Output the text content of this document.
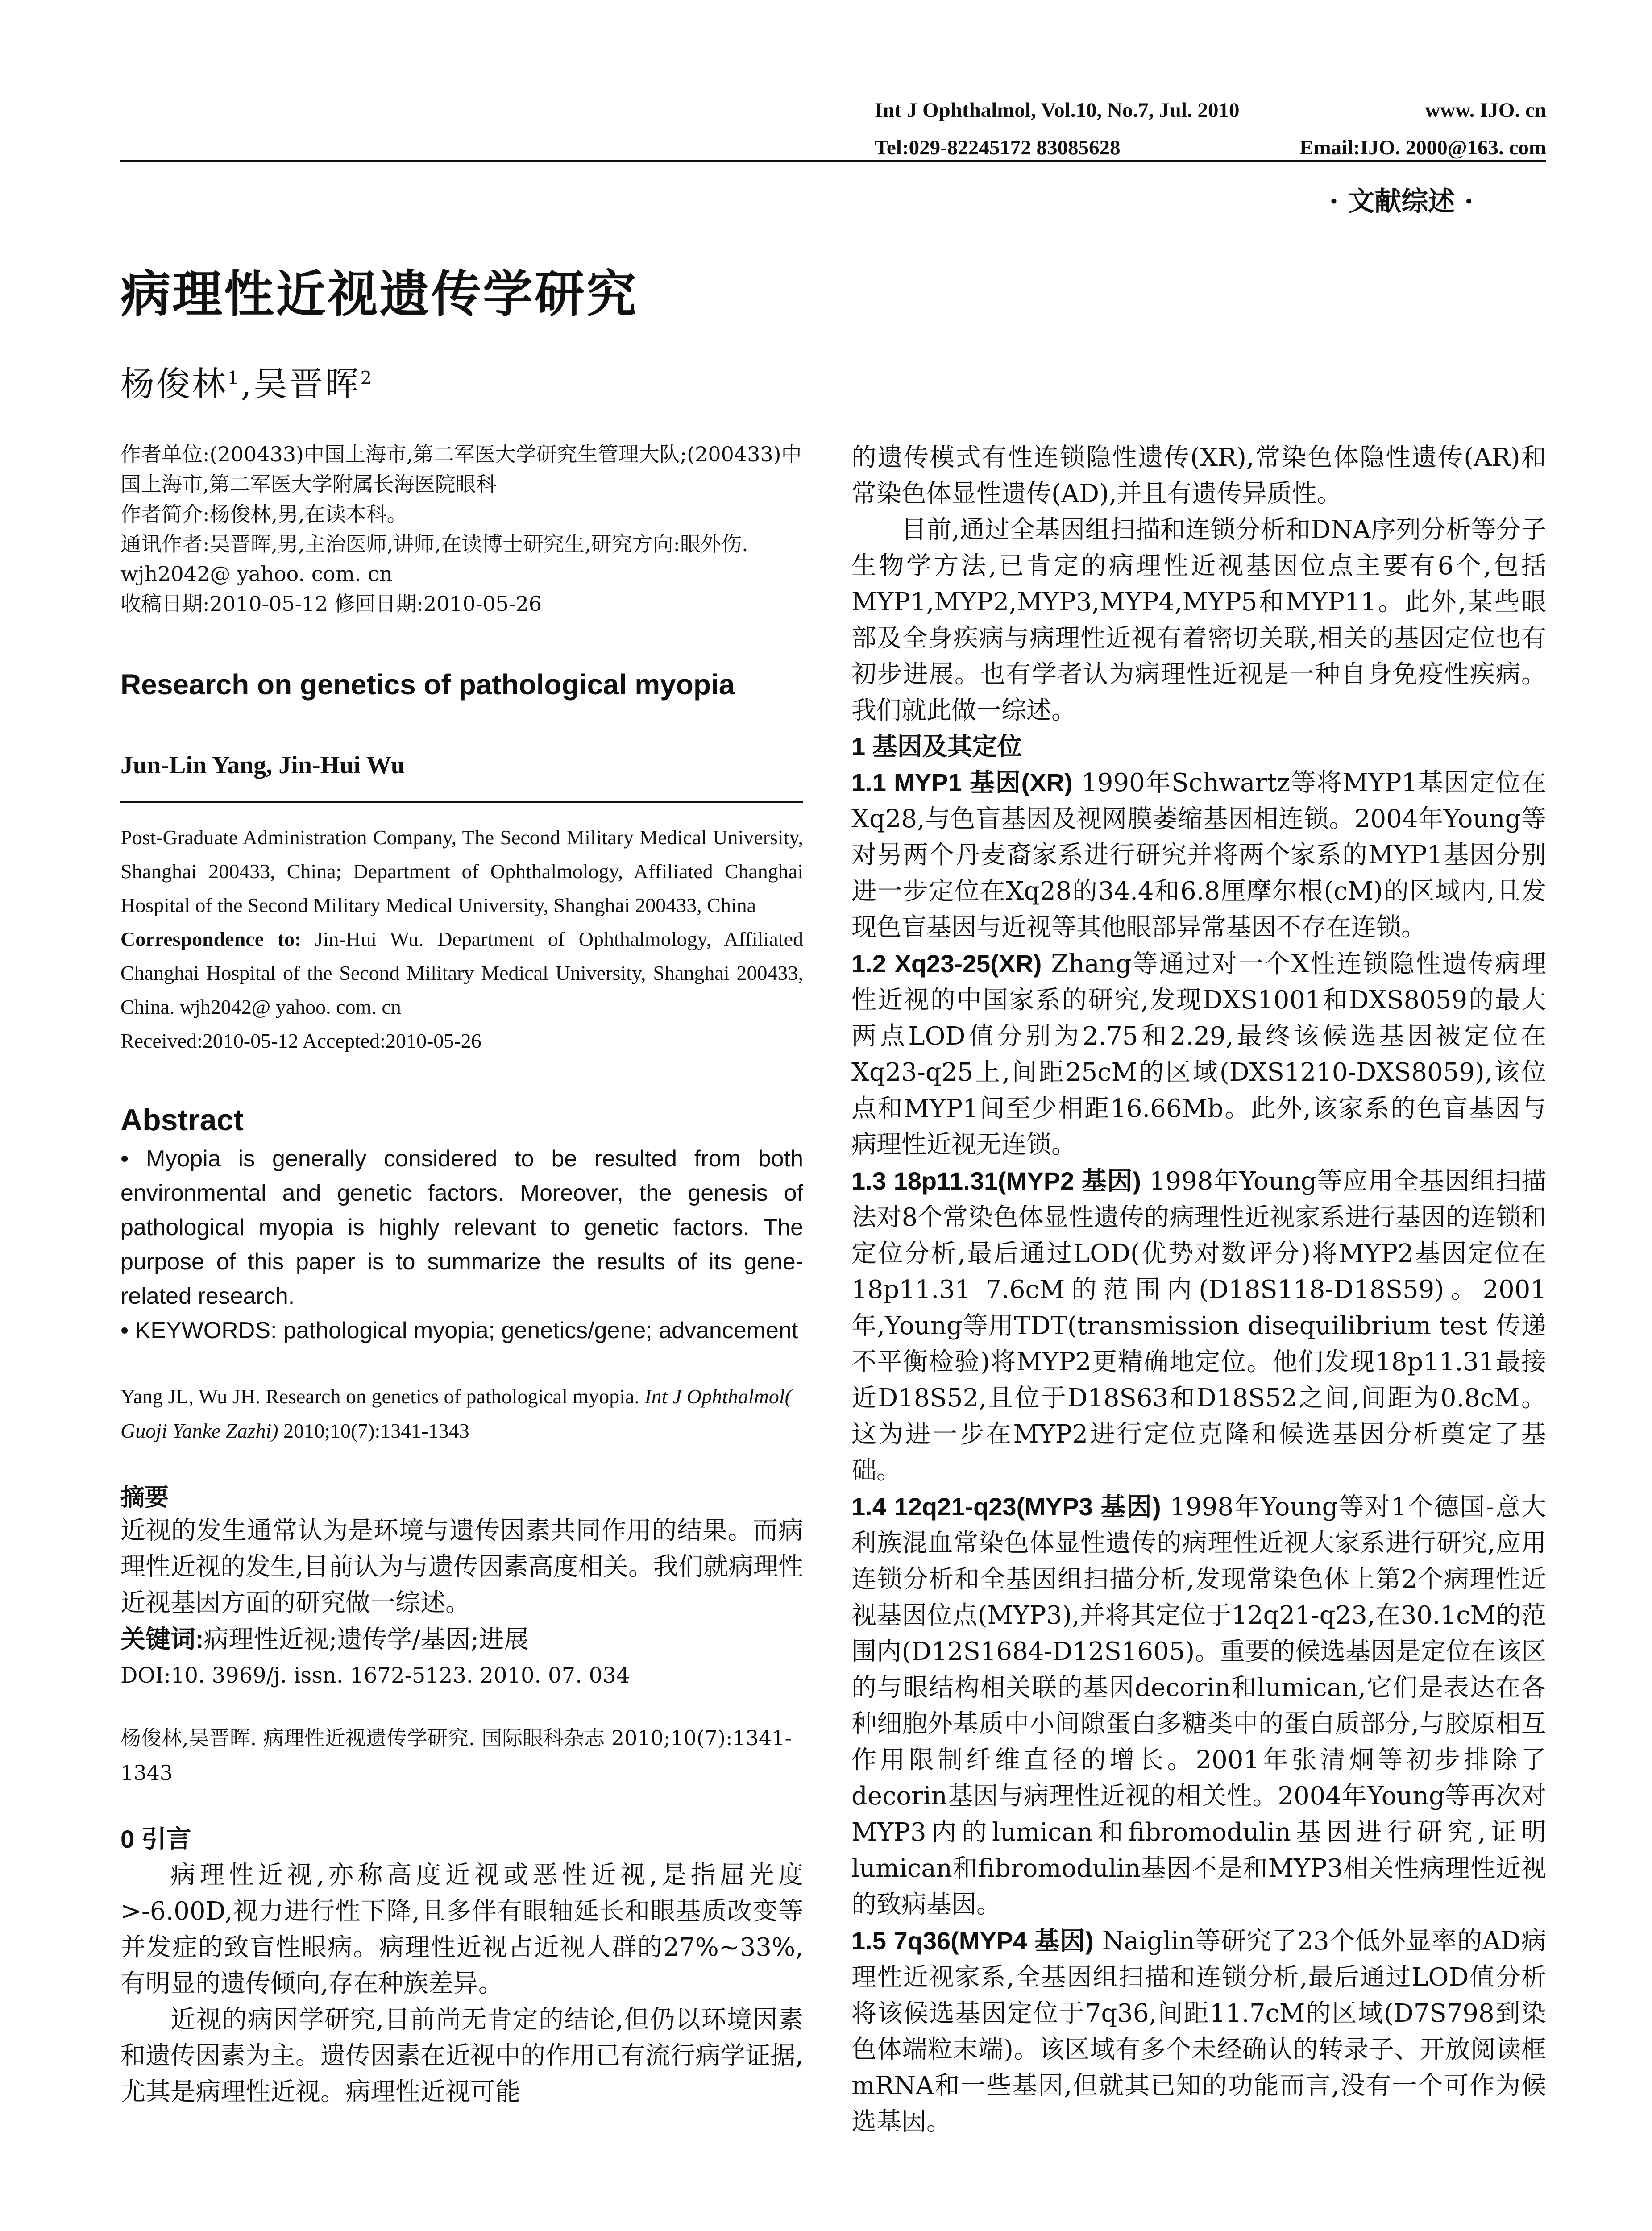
Int J Ophthalmol, Vol.10, No.7, Jul. 2010	www. IJO. cn
Tel:029-82245172 83085628	Email:IJO. 2000@163. com
· 文献综述 ·
病理性近视遗传学研究
杨俊林$^1$,吴晋晖$^2$

作者单位:(200433)中国上海市,第二军医大学研究生管理大队;(200433)中国上海市,第二军医大学附属长海医院眼科

作者简介:杨俊林,男,在读本科。

通讯作者:吴晋晖,男,主治医师,讲师,在读博士研究生,研究方向:眼外伤. wjh2042@ yahoo. com. cn

收稿日期:2010-05-12 修回日期:2010-05-26

Research on genetics of pathological myopia
Jun-Lin Yang, Jin-Hui Wu

Post-Graduate Administration Company, The Second Military Medical University, Shanghai 200433, China; Department of Ophthalmology, Affiliated Changhai Hospital of the Second Military Medical University, Shanghai 200433, China

Correspondence to: Jin-Hui Wu. Department of Ophthalmology, Affiliated Changhai Hospital of the Second Military Medical University, Shanghai 200433, China. wjh2042@ yahoo. com. cn

Received:2010-05-12 Accepted:2010-05-26

Abstract

• Myopia is generally considered to be resulted from both environmental and genetic factors. Moreover, the genesis of pathological myopia is highly relevant to genetic factors. The purpose of this paper is to summarize the results of its gene-related research.

• KEYWORDS: pathological myopia; genetics/gene; advancement

Yang JL, Wu JH. Research on genetics of pathological myopia. Int J Ophthalmol( Guoji Yanke Zazhi) 2010;10(7):1341-1343
摘要

近视的发生通常认为是环境与遗传因素共同作用的结果。而病理性近视的发生,目前认为与遗传因素高度相关。我们就病理性近视基因方面的研究做一综述。

关键词:病理性近视;遗传学/基因;进展

DOI:10. 3969/j. issn. 1672-5123. 2010. 07. 034

杨俊林,吴晋晖. 病理性近视遗传学研究. 国际眼科杂志 2010;10(7):1341-1343
0 引言

病理性近视,亦称高度近视或恶性近视,是指屈光度>-6.00D,视力进行性下降,且多伴有眼轴延长和眼基质改变等并发症的致盲性眼病。病理性近视占近视人群的27%~33%,有明显的遗传倾向,存在种族差异。

近视的病因学研究,目前尚无肯定的结论,但仍以环境因素和遗传因素为主。遗传因素在近视中的作用已有流行病学证据,尤其是病理性近视。病理性近视可能

的遗传模式有性连锁隐性遗传(XR),常染色体隐性遗传(AR)和常染色体显性遗传(AD),并且有遗传异质性。

目前,通过全基因组扫描和连锁分析和DNA序列分析等分子生物学方法,已肯定的病理性近视基因位点主要有6个,包括MYP1,MYP2,MYP3,MYP4,MYP5和MYP11。此外,某些眼部及全身疾病与病理性近视有着密切关联,相关的基因定位也有初步进展。也有学者认为病理性近视是一种自身免疫性疾病。我们就此做一综述。

1 基因及其定位

1.1 MYP1 基因(XR) 1990年Schwartz等将MYP1基因定位在Xq28,与色盲基因及视网膜萎缩基因相连锁。2004年Young等对另两个丹麦裔家系进行研究并将两个家系的MYP1基因分别进一步定位在Xq28的34.4和6.8厘摩尔根(cM)的区域内,且发现色盲基因与近视等其他眼部异常基因不存在连锁。

1.2 Xq23-25(XR) Zhang等通过对一个X性连锁隐性遗传病理性近视的中国家系的研究,发现DXS1001和DXS8059的最大两点LOD值分别为2.75和2.29,最终该候选基因被定位在Xq23-q25上,间距25cM的区域(DXS1210-DXS8059),该位点和MYP1间至少相距16.66Mb。此外,该家系的色盲基因与病理性近视无连锁。

1.3 18p11.31(MYP2 基因) 1998年Young等应用全基因组扫描法对8个常染色体显性遗传的病理性近视家系进行基因的连锁和定位分析,最后通过LOD(优势对数评分)将MYP2基因定位在18p11.31 7.6cM的范围内(D18S118-D18S59)。2001年,Young等用TDT(transmission disequilibrium test 传递不平衡检验)将MYP2更精确地定位。他们发现18p11.31最接近D18S52,且位于D18S63和D18S52之间,间距为0.8cM。这为进一步在MYP2进行定位克隆和候选基因分析奠定了基础。

1.4 12q21-q23(MYP3 基因) 1998年Young等对1个德国-意大利族混血常染色体显性遗传的病理性近视大家系进行研究,应用连锁分析和全基因组扫描分析,发现常染色体上第2个病理性近视基因位点(MYP3),并将其定位于12q21-q23,在30.1cM的范围内(D12S1684-D12S1605)。重要的候选基因是定位在该区的与眼结构相关联的基因decorin和lumican,它们是表达在各种细胞外基质中小间隙蛋白多糖类中的蛋白质部分,与胶原相互作用限制纤维直径的增长。2001年张清炯等初步排除了decorin基因与病理性近视的相关性。2004年Young等再次对MYP3内的lumican和fibromodulin基因进行研究,证明lumican和fibromodulin基因不是和MYP3相关性病理性近视的致病基因。

1.5 7q36(MYP4 基因) Naiglin等研究了23个低外显率的AD病理性近视家系,全基因组扫描和连锁分析,最后通过LOD值分析将该候选基因定位于7q36,间距11.7cM的区域(D7S798到染色体端粒末端)。该区域有多个未经确认的转录子、开放阅读框mRNA和一些基因,但就其已知的功能而言,没有一个可作为候选基因。
